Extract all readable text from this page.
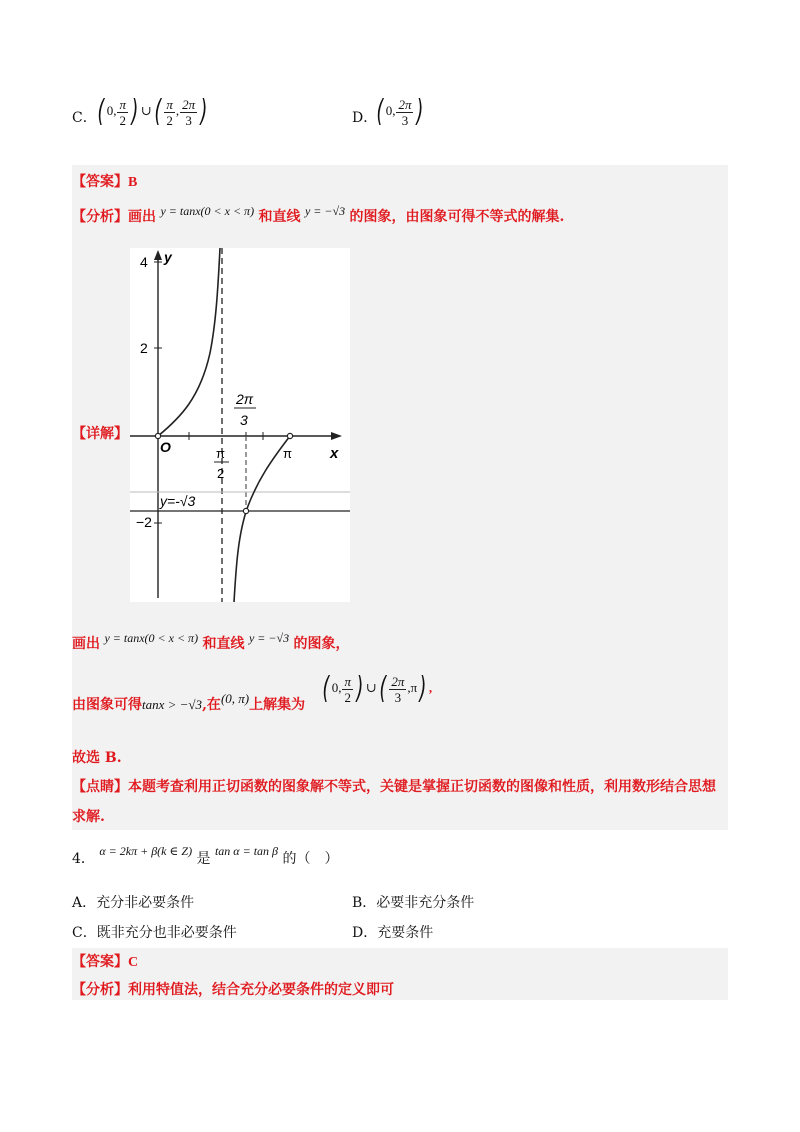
C． ( 0, $\frac{\pi}{2}$ ) ∪( $\frac{\pi}{2}$ , $\frac{2\pi}{3}$ )	D． ( 0, $\frac{2\pi}{3}$ )
【答案】B
【分析】画出 y = tanx(0 < x < π) 和直线 y = −√3 的图象，由图象可得不等式的解集.
【详解】
4 y
2
−2
O	x
π
π
2
2π
3
y=-√3
画出 y = tanx(0 < x < π) 和直线 y = −√3 的图象，
由图象可得tanx > −√3,在(0, π)上解集为 ( 0, $\frac{\pi}{2}$ ) ∪( $\frac{2\pi}{3} ,\pi$) ,
故选 B.
【点睛】本题考查利用正切函数的图象解不等式，关键是掌握正切函数的图像和性质，利用数形结合思想
求解.
4． α = 2kπ + β(k ∈ Z) 是 tan α = tan β 的（　）
A．充分非必要条件	B．必要非充分条件
C．既非充分也非必要条件	D．充要条件
【答案】C
【分析】利用特值法，结合充分必要条件的定义即可
